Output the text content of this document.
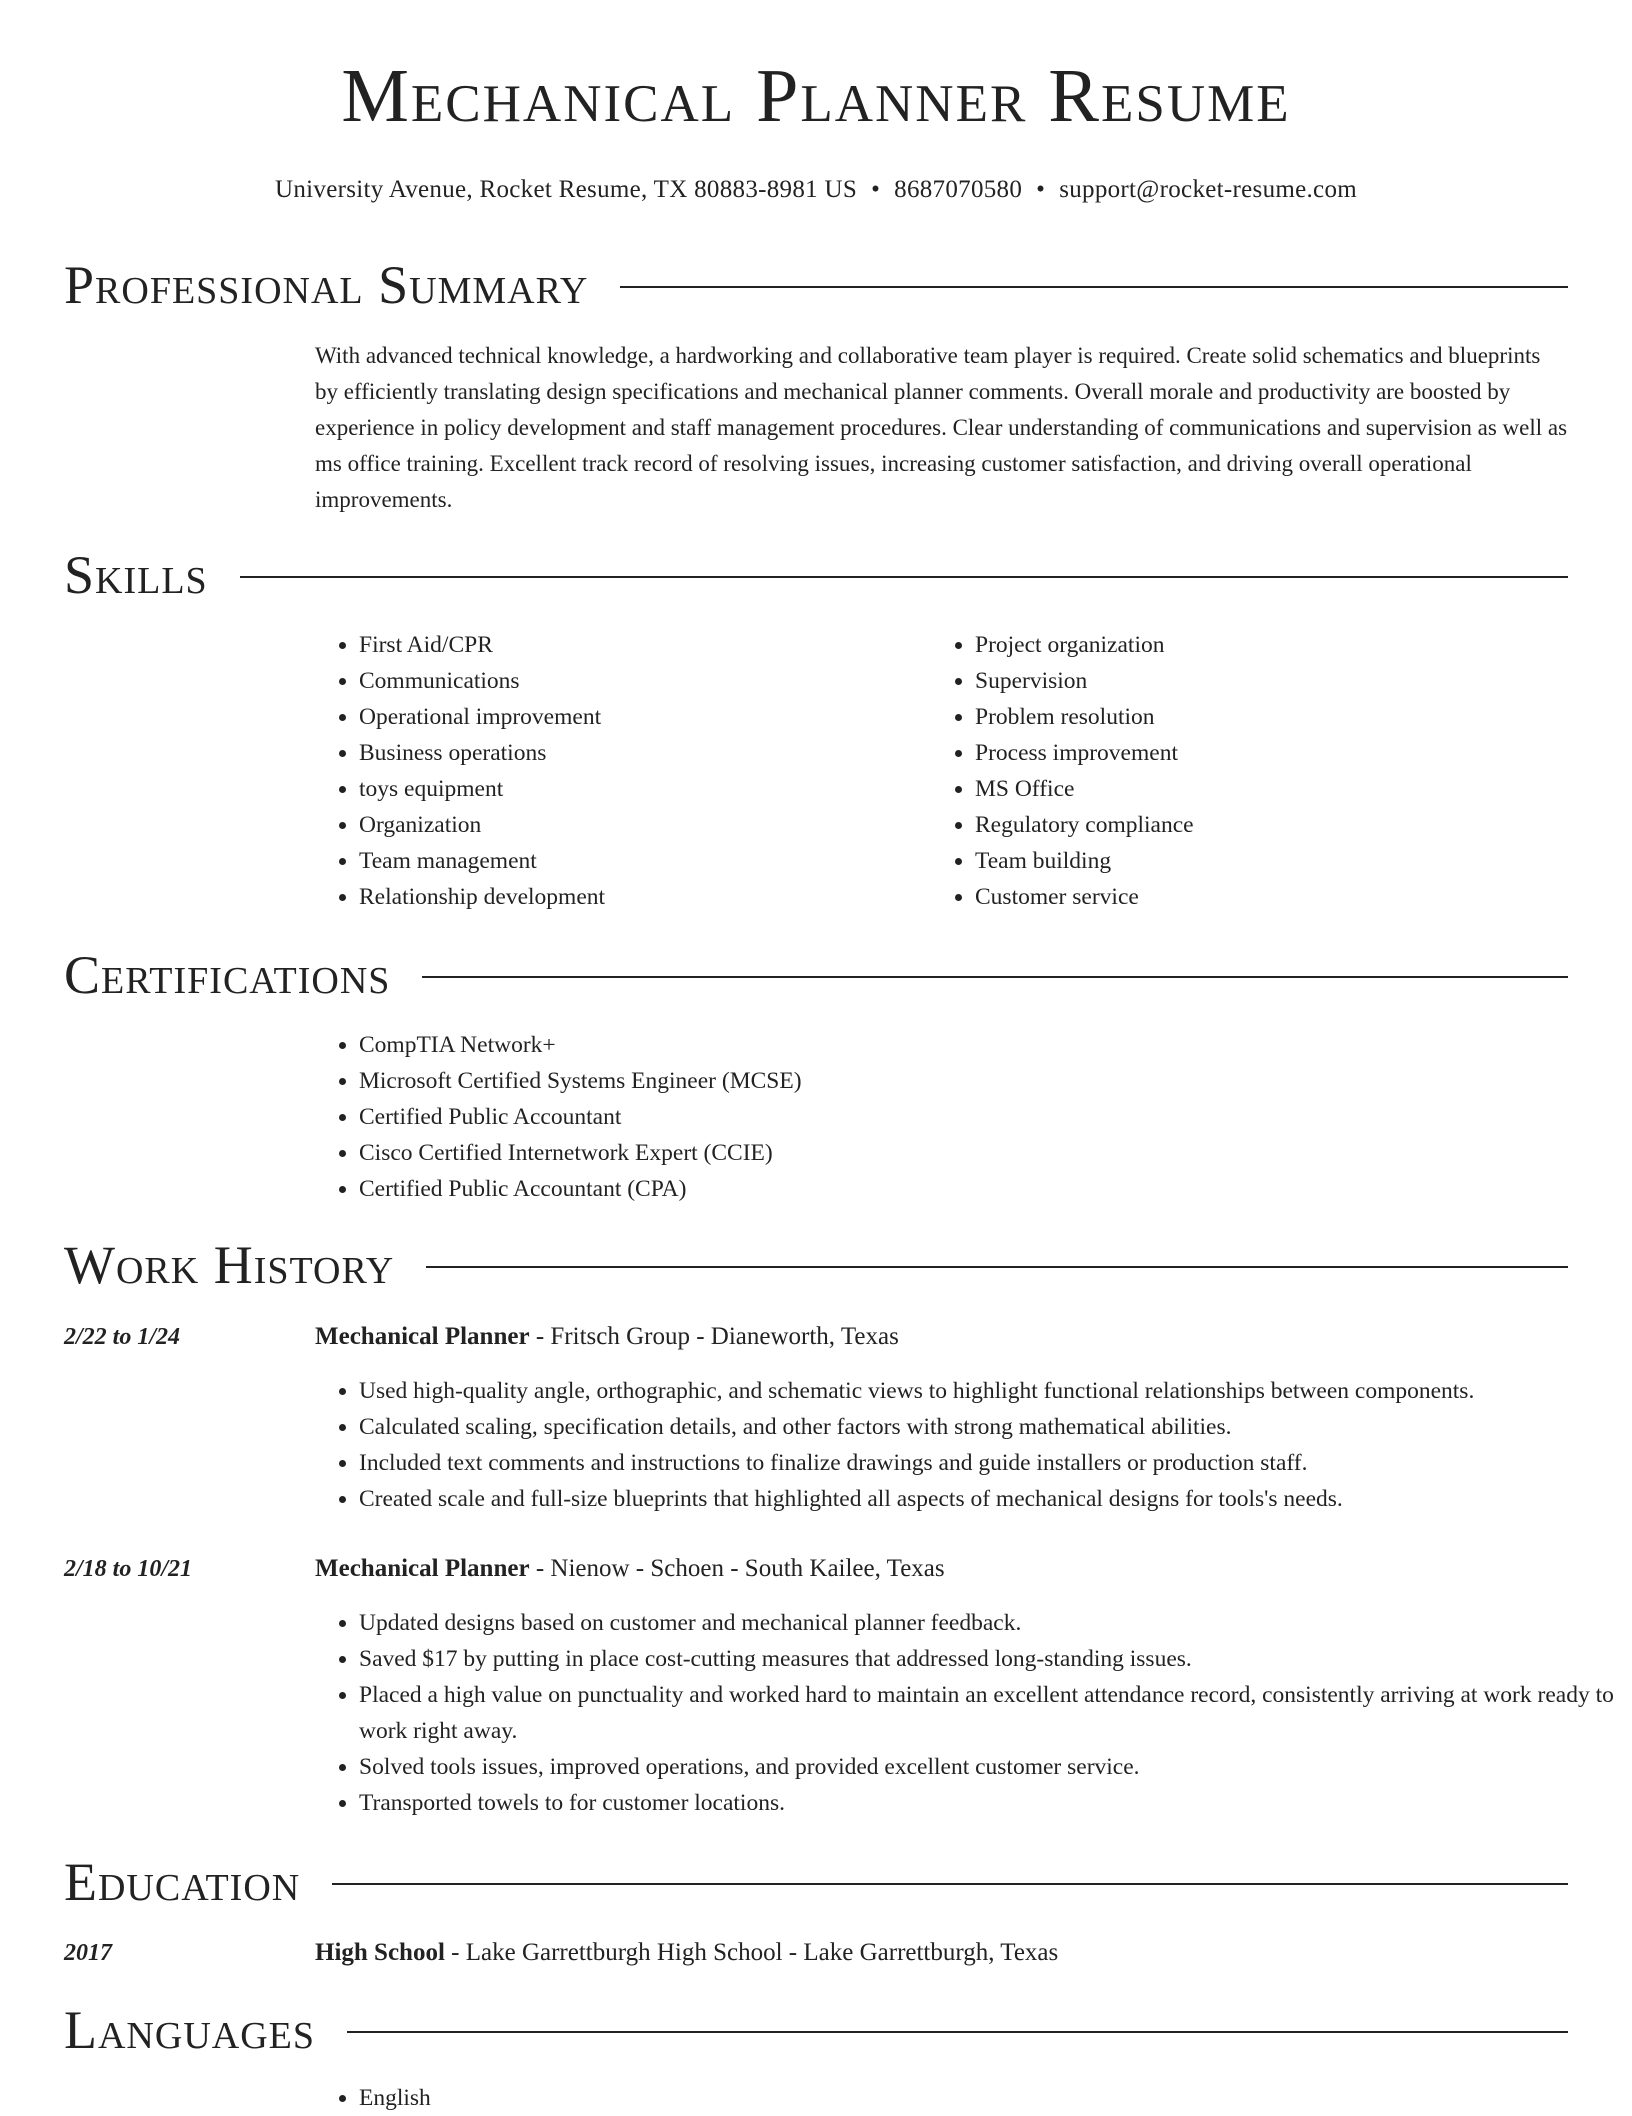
Mechanical Planner Resume
University Avenue, Rocket Resume, TX 80883-8981 US • 8687070580 • support@rocket-resume.com
Professional Summary

With advanced technical knowledge, a hardworking and collaborative team player is required. Create solid schematics and blueprints by efficiently translating design specifications and mechanical planner comments. Overall morale and productivity are boosted by experience in policy development and staff management procedures. Clear understanding of communications and supervision as well as ms office training. Excellent track record of resolving issues, increasing customer satisfaction, and driving overall operational improvements.

Skills
• First Aid/CPR
• Communications
• Operational improvement
• Business operations
• toys equipment
• Organization
• Team management
• Relationship development
• Project organization
• Supervision
• Problem resolution
• Process improvement
• MS Office
• Regulatory compliance
• Team building
• Customer service
Certifications
• CompTIA Network+
• Microsoft Certified Systems Engineer (MCSE)
• Certified Public Accountant
• Cisco Certified Internetwork Expert (CCIE)
• Certified Public Accountant (CPA)
Work History
2/22 to 1/24	Mechanical Planner - Fritsch Group - Dianeworth, Texas
• Used high-quality angle, orthographic, and schematic views to highlight functional relationships between components.
• Calculated scaling, specification details, and other factors with strong mathematical abilities.
• Included text comments and instructions to finalize drawings and guide installers or production staff.
• Created scale and full-size blueprints that highlighted all aspects of mechanical designs for tools's needs.
2/18 to 10/21	Mechanical Planner - Nienow - Schoen - South Kailee, Texas
• Updated designs based on customer and mechanical planner feedback.
• Saved $17 by putting in place cost-cutting measures that addressed long-standing issues.
• Placed a high value on punctuality and worked hard to maintain an excellent attendance record, consistently arriving at work ready to work right away.
• Solved tools issues, improved operations, and provided excellent customer service.
• Transported towels to for customer locations.
Education
2017	High School - Lake Garrettburgh High School - Lake Garrettburgh, Texas
Languages
• English
